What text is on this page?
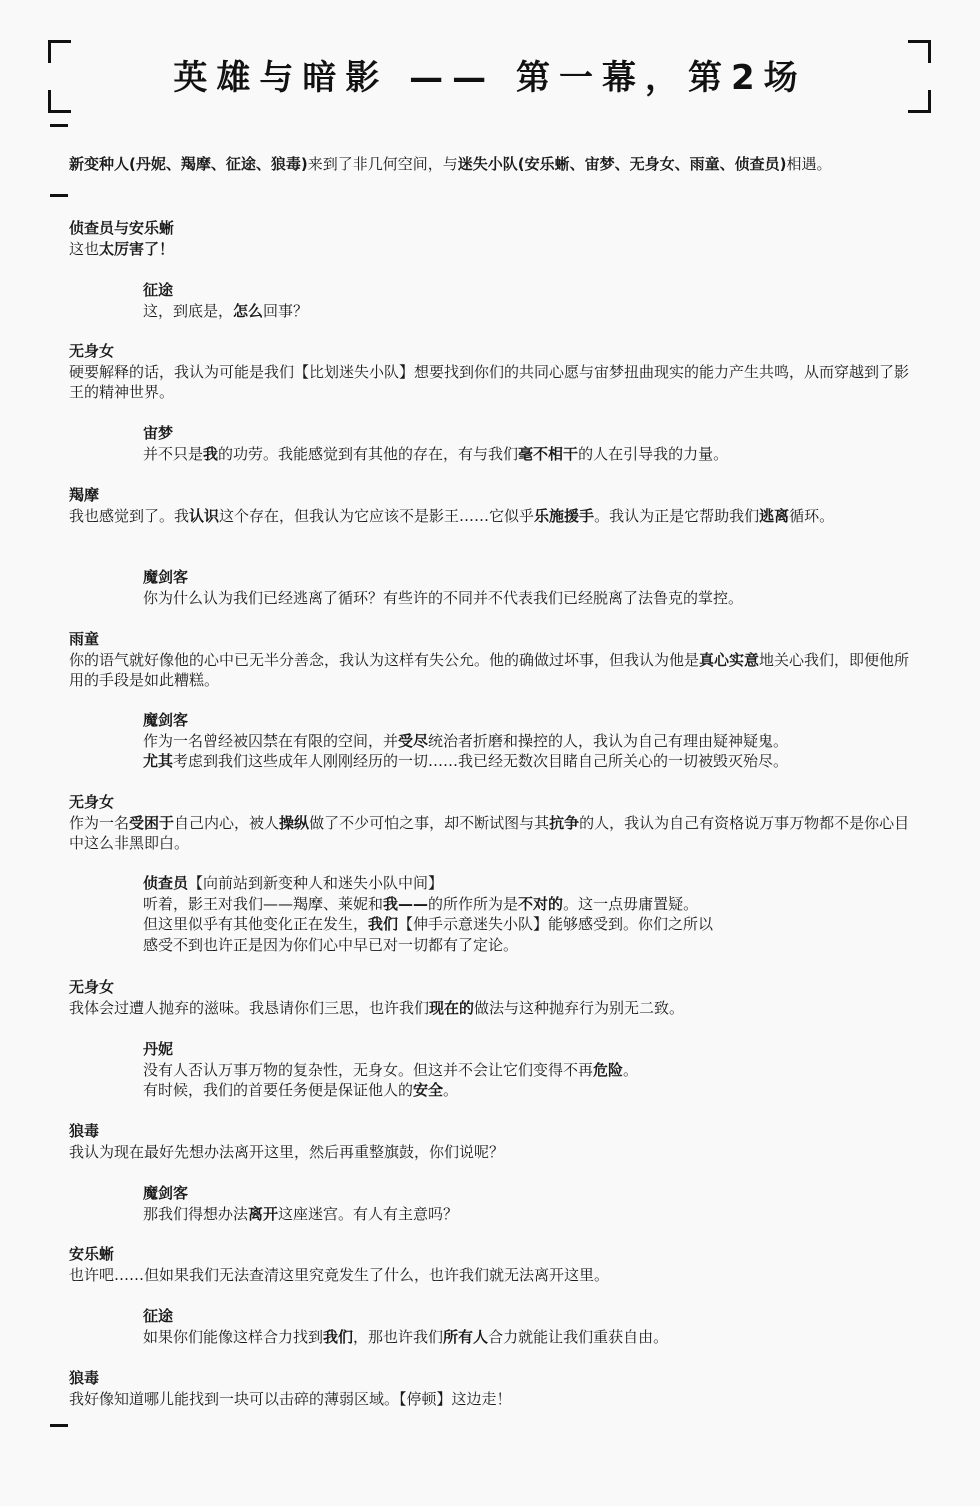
英雄与暗影 —— 第一幕，第2场
新变种人(丹妮、羯摩、征途、狼毒)来到了非几何空间，与迷失小队(安乐蜥、宙梦、无身女、雨童、侦查员)相遇。
侦查员与安乐蜥
这也太厉害了！
征途
这，到底是，怎么回事？
无身女
硬要解释的话，我认为可能是我们【比划迷失小队】想要找到你们的共同心愿与宙梦扭曲现实的能力产生共鸣，从而穿越到了影王的精神世界。
宙梦
并不只是我的功劳。我能感觉到有其他的存在，有与我们毫不相干的人在引导我的力量。
羯摩
我也感觉到了。我认识这个存在，但我认为它应该不是影王……它似乎乐施援手。我认为正是它帮助我们逃离循环。
魔剑客
你为什么认为我们已经逃离了循环？有些许的不同并不代表我们已经脱离了法鲁克的掌控。
雨童
你的语气就好像他的心中已无半分善念，我认为这样有失公允。他的确做过坏事，但我认为他是真心实意地关心我们，即便他所用的手段是如此糟糕。
魔剑客
作为一名曾经被囚禁在有限的空间，并受尽统治者折磨和操控的人，我认为自己有理由疑神疑鬼。
尤其考虑到我们这些成年人刚刚经历的一切……我已经无数次目睹自己所关心的一切被毁灭殆尽。
无身女
作为一名受困于自己内心，被人操纵做了不少可怕之事，却不断试图与其抗争的人，我认为自己有资格说万事万物都不是你心目中这么非黑即白。
侦查员【向前站到新变种人和迷失小队中间】
听着，影王对我们——羯摩、莱妮和我——的所作所为是不对的。这一点毋庸置疑。
但这里似乎有其他变化正在发生，我们【伸手示意迷失小队】能够感受到。你们之所以
感受不到也许正是因为你们心中早已对一切都有了定论。
无身女
我体会过遭人抛弃的滋味。我恳请你们三思，也许我们现在的做法与这种抛弃行为别无二致。
丹妮
没有人否认万事万物的复杂性，无身女。但这并不会让它们变得不再危险。
有时候，我们的首要任务便是保证他人的安全。
狼毒
我认为现在最好先想办法离开这里，然后再重整旗鼓，你们说呢？
魔剑客
那我们得想办法离开这座迷宫。有人有主意吗？
安乐蜥
也许吧……但如果我们无法查清这里究竟发生了什么，也许我们就无法离开这里。
征途
如果你们能像这样合力找到我们，那也许我们所有人合力就能让我们重获自由。
狼毒
我好像知道哪儿能找到一块可以击碎的薄弱区域。【停顿】这边走！
